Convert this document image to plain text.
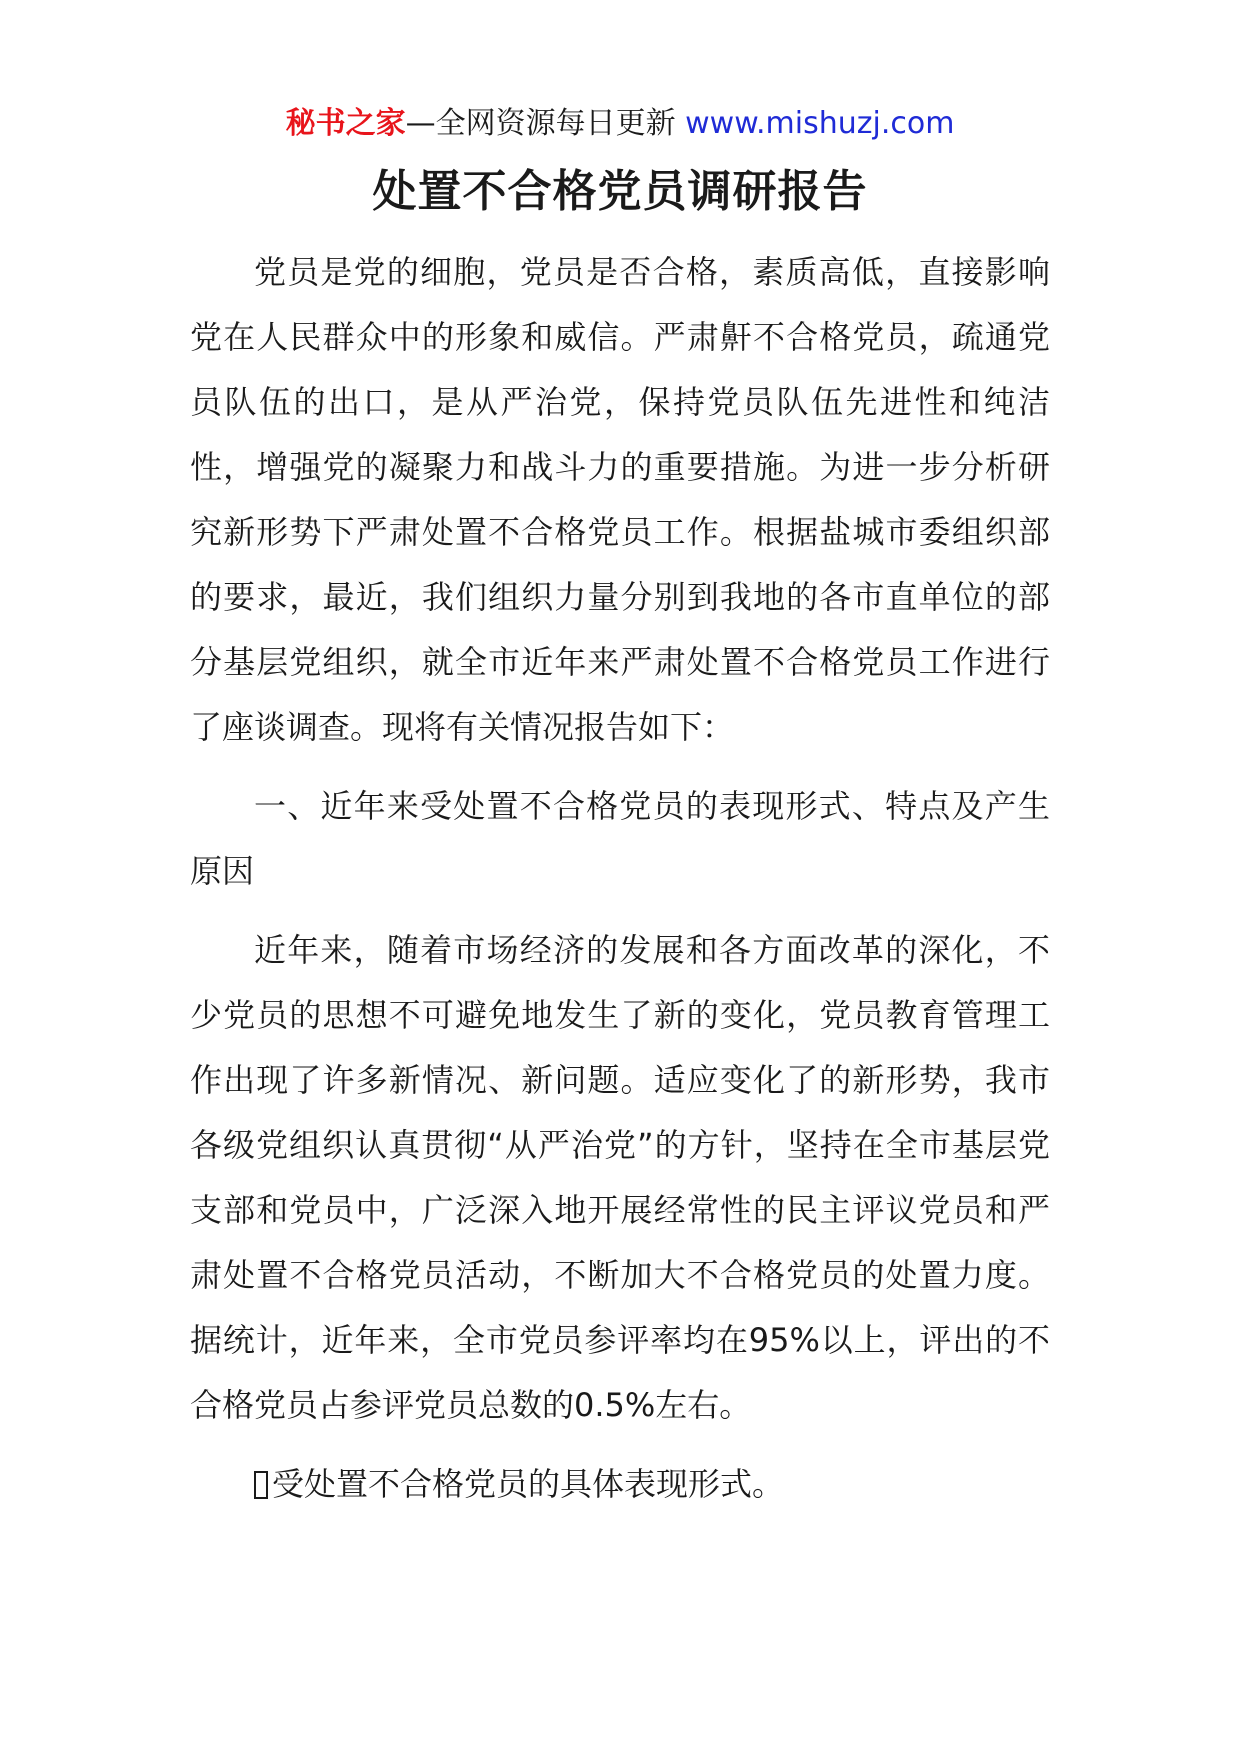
秘书之家—全网资源每日更新 www.mishuzj.com
处置不合格党员调研报告

党员是党的细胞，党员是否合格，素质高低，直接影响党在人民群众中的形象和威信。严肃鼾不合格党员，疏通党员队伍的出口，是从严治党，保持党员队伍先进性和纯洁性，增强党的凝聚力和战斗力的重要措施。为进一步分析研究新形势下严肃处置不合格党员工作。根据盐城市委组织部的要求，最近，我们组织力量分别到我地的各市直单位的部分基层党组织，就全市近年来严肃处置不合格党员工作进行了座谈调查。现将有关情况报告如下：

一、近年来受处置不合格党员的表现形式、特点及产生原因

近年来，随着市场经济的发展和各方面改革的深化，不少党员的思想不可避免地发生了新的变化，党员教育管理工作出现了许多新情况、新问题。适应变化了的新形势，我市各级党组织认真贯彻“从严治党”的方针，坚持在全市基层党支部和党员中，广泛深入地开展经常性的民主评议党员和严肃处置不合格党员活动，不断加大不合格党员的处置力度。据统计，近年来，全市党员参评率均在95%以上，评出的不合格党员占参评党员总数的0.5%左右。

受处置不合格党员的具体表现形式。
